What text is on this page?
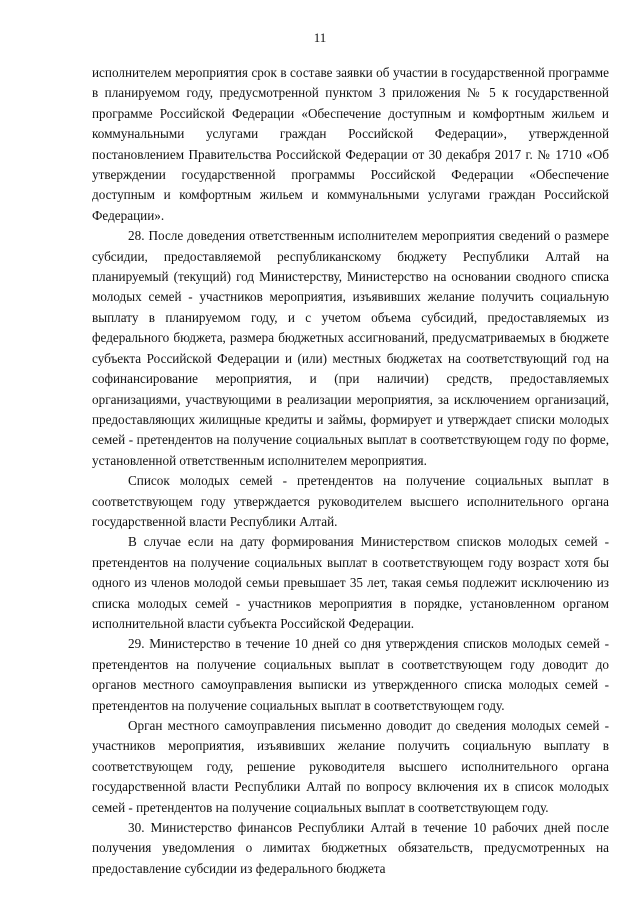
11

исполнителем мероприятия срок в составе заявки об участии в государственной программе в планируемом году, предусмотренной пунктом 3 приложения № 5 к государственной программе Российской Федерации «Обеспечение доступным и комфортным жильем и коммунальными услугами граждан Российской Федерации», утвержденной постановлением Правительства Российской Федерации от 30 декабря 2017 г. № 1710 «Об утверждении государственной программы Российской Федерации «Обеспечение доступным и комфортным жильем и коммунальными услугами граждан Российской Федерации».

28. После доведения ответственным исполнителем мероприятия сведений о размере субсидии, предоставляемой республиканскому бюджету Республики Алтай на планируемый (текущий) год Министерству, Министерство на основании сводного списка молодых семей - участников мероприятия, изъявивших желание получить социальную выплату в планируемом году, и с учетом объема субсидий, предоставляемых из федерального бюджета, размера бюджетных ассигнований, предусматриваемых в бюджете субъекта Российской Федерации и (или) местных бюджетах на соответствующий год на софинансирование мероприятия, и (при наличии) средств, предоставляемых организациями, участвующими в реализации мероприятия, за исключением организаций, предоставляющих жилищные кредиты и займы, формирует и утверждает списки молодых семей - претендентов на получение социальных выплат в соответствующем году по форме, установленной ответственным исполнителем мероприятия.

Список молодых семей - претендентов на получение социальных выплат в соответствующем году утверждается руководителем высшего исполнительного органа государственной власти Республики Алтай.

В случае если на дату формирования Министерством списков молодых семей - претендентов на получение социальных выплат в соответствующем году возраст хотя бы одного из членов молодой семьи превышает 35 лет, такая семья подлежит исключению из списка молодых семей - участников мероприятия в порядке, установленном органом исполнительной власти субъекта Российской Федерации.

29. Министерство в течение 10 дней со дня утверждения списков молодых семей - претендентов на получение социальных выплат в соответствующем году доводит до органов местного самоуправления выписки из утвержденного списка молодых семей - претендентов на получение социальных выплат в соответствующем году.

Орган местного самоуправления письменно доводит до сведения молодых семей - участников мероприятия, изъявивших желание получить социальную выплату в соответствующем году, решение руководителя высшего исполнительного органа государственной власти Республики Алтай по вопросу включения их в список молодых семей - претендентов на получение социальных выплат в соответствующем году.

30. Министерство финансов Республики Алтай в течение 10 рабочих дней после получения уведомления о лимитах бюджетных обязательств, предусмотренных на предоставление субсидии из федерального бюджета
